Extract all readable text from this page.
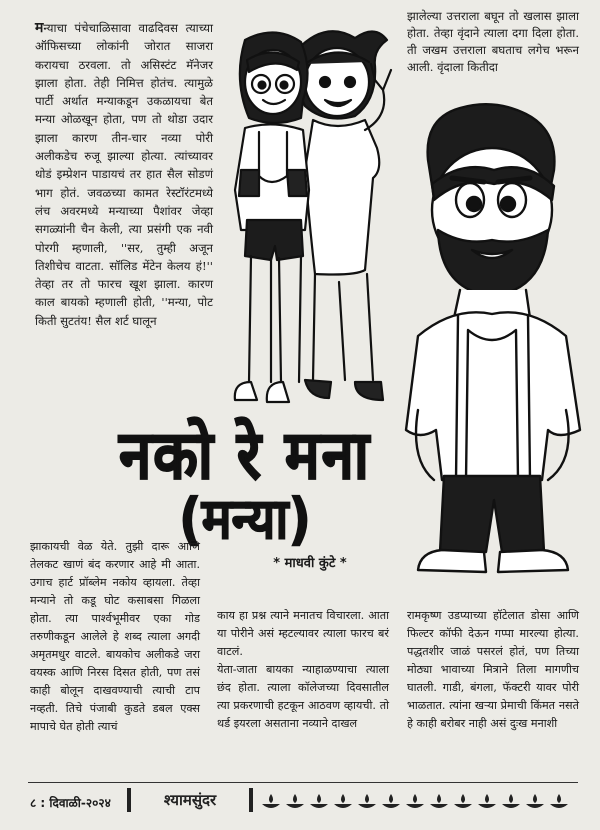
मन्याचा पंचेचाळिसावा वाढदिवस त्याच्या ऑफिसच्या लोकांनी जोरात साजरा करायचा ठरवला. तो असिस्टंट मॅनेजर झाला होता. तेही निमित्त होतंच. त्यामुळे पार्टी अर्थात मन्याकडून उकळायचा बेत मन्या ओळखून होता, पण तो थोडा उदार झाला कारण तीन-चार नव्या पोरी अलीकडेच रुजू झाल्या होत्या. त्यांच्यावर थोडं इम्प्रेशन पाडायचं तर हात सैल सोडणं भाग होतं. जवळच्या कामत रेस्टॉरंटमध्ये लंच अवरमध्ये मन्याच्या पैशांवर जेव्हा सगळ्यांनी चैन केली, त्या प्रसंगी एक नवी पोरगी म्हणाली, ''सर, तुम्ही अजून तिशीचेच वाटता. सॉलिड मेंटेन केलय हं!'' तेव्हा तर तो फारच खूश झाला. कारण काल बायको म्हणाली होती, ''मन्या, पोट किती सुटतंय! सैल शर्ट घालून

झालेल्या उत्तराला बघून तो खलास झाला होता. तेव्हा वृंदाने त्याला दगा दिला होता. ती जखम उत्तराला बघताच लगेच भरून आली. वृंदाला कितीदा

नको रे मना
(मन्या)
* माधवी कुंटे *

झाकायची वेळ येते. तुझी दारू आणि तेलकट खाणं बंद करणार आहे मी आता. उगाच हार्ट प्रॉब्लेम नकोय व्हायला. तेव्हा मन्याने तो कडू घोट कसाबसा गिळला होता. त्या पार्श्वभूमीवर एका गोड तरुणीकडून आलेले हे शब्द त्याला अगदी अमृतमधुर वाटले. बायकोच अलीकडे जरा वयस्क आणि निरस दिसत होती, पण तसं काही बोलून दाखवण्याची त्याची टाप नव्हती. तिचे पंजाबी कुडते डबल एक्स मापाचे घेत होती त्याचं

काय हा प्रश्न त्याने मनातच विचारला. आता या पोरीने असं म्हटल्यावर त्याला फारच बरं वाटलं.
येता-जाता बायका न्याहाळण्याचा त्याला छंद होता. त्याला कॉलेजच्या दिवसातील त्या प्रकरणाची हटकून आठवण व्हायची. तो थर्ड इयरला असताना नव्याने दाखल

रामकृष्ण उडप्याच्या हॉटेलात डोसा आणि फिल्टर कॉफी देऊन गप्पा मारल्या होत्या. पद्धतशीर जाळं पसरलं होतं, पण तिच्या मोठ्या भावाच्या मित्राने तिला मागणीच घातली. गाडी, बंगला, फॅक्टरी यावर पोरी भाळतात. त्यांना खऱ्या प्रेमाची किंमत नसते हे काही बरोबर नाही असं दुःख मनाशी

८ : दिवाळी-२०२४	श्यामसुंदर
